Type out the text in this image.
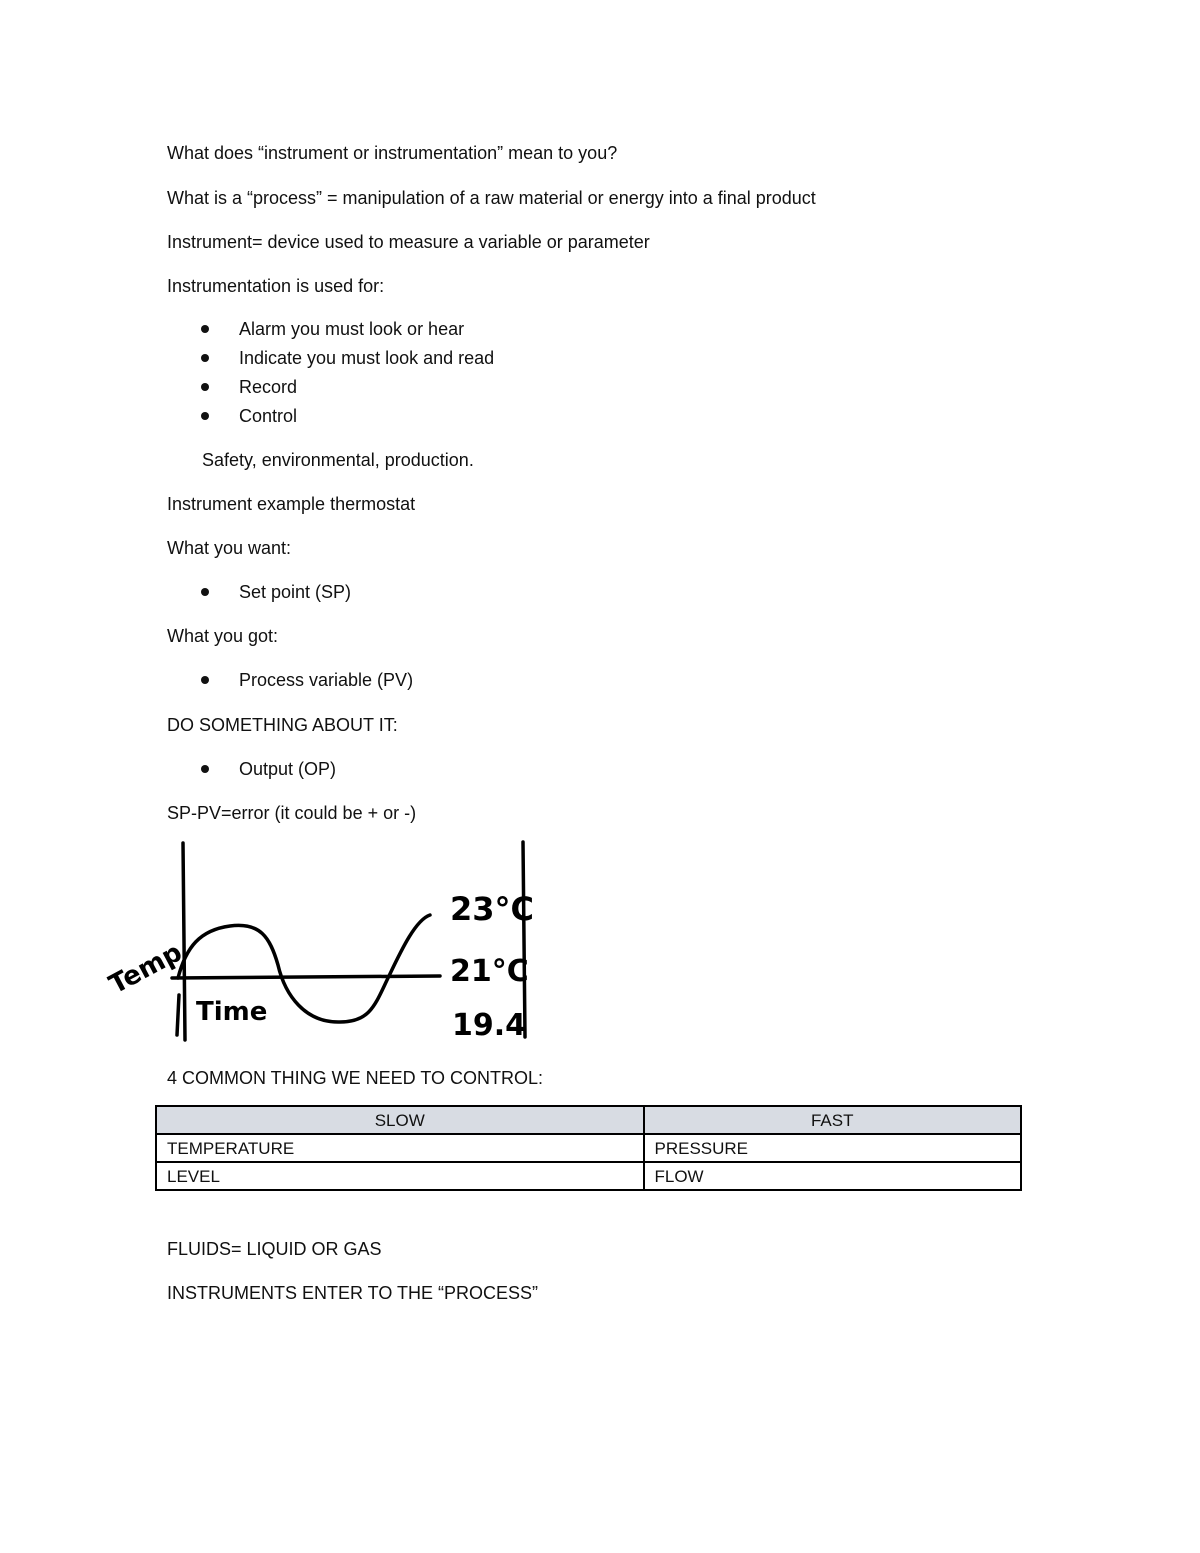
What does “instrument or instrumentation” mean to you?
What is a “process” = manipulation of a raw material or energy into a final product
Instrument= device used to measure a variable or parameter
Instrumentation is used for:
Alarm you must look or hear
Indicate you must look and read
Record
Control
Safety, environmental, production.
Instrument example thermostat
What you want:
Set point (SP)
What you got:
Process variable (PV)
DO SOMETHING ABOUT IT:
Output (OP)
SP-PV=error (it could be + or -)
Temp
Time
23°C
21°C
19.4
4 COMMON THING WE NEED TO CONTROL:
SLOW	FAST
TEMPERATURE	PRESSURE
LEVEL	FLOW
FLUIDS= LIQUID OR GAS
INSTRUMENTS ENTER TO THE “PROCESS”
